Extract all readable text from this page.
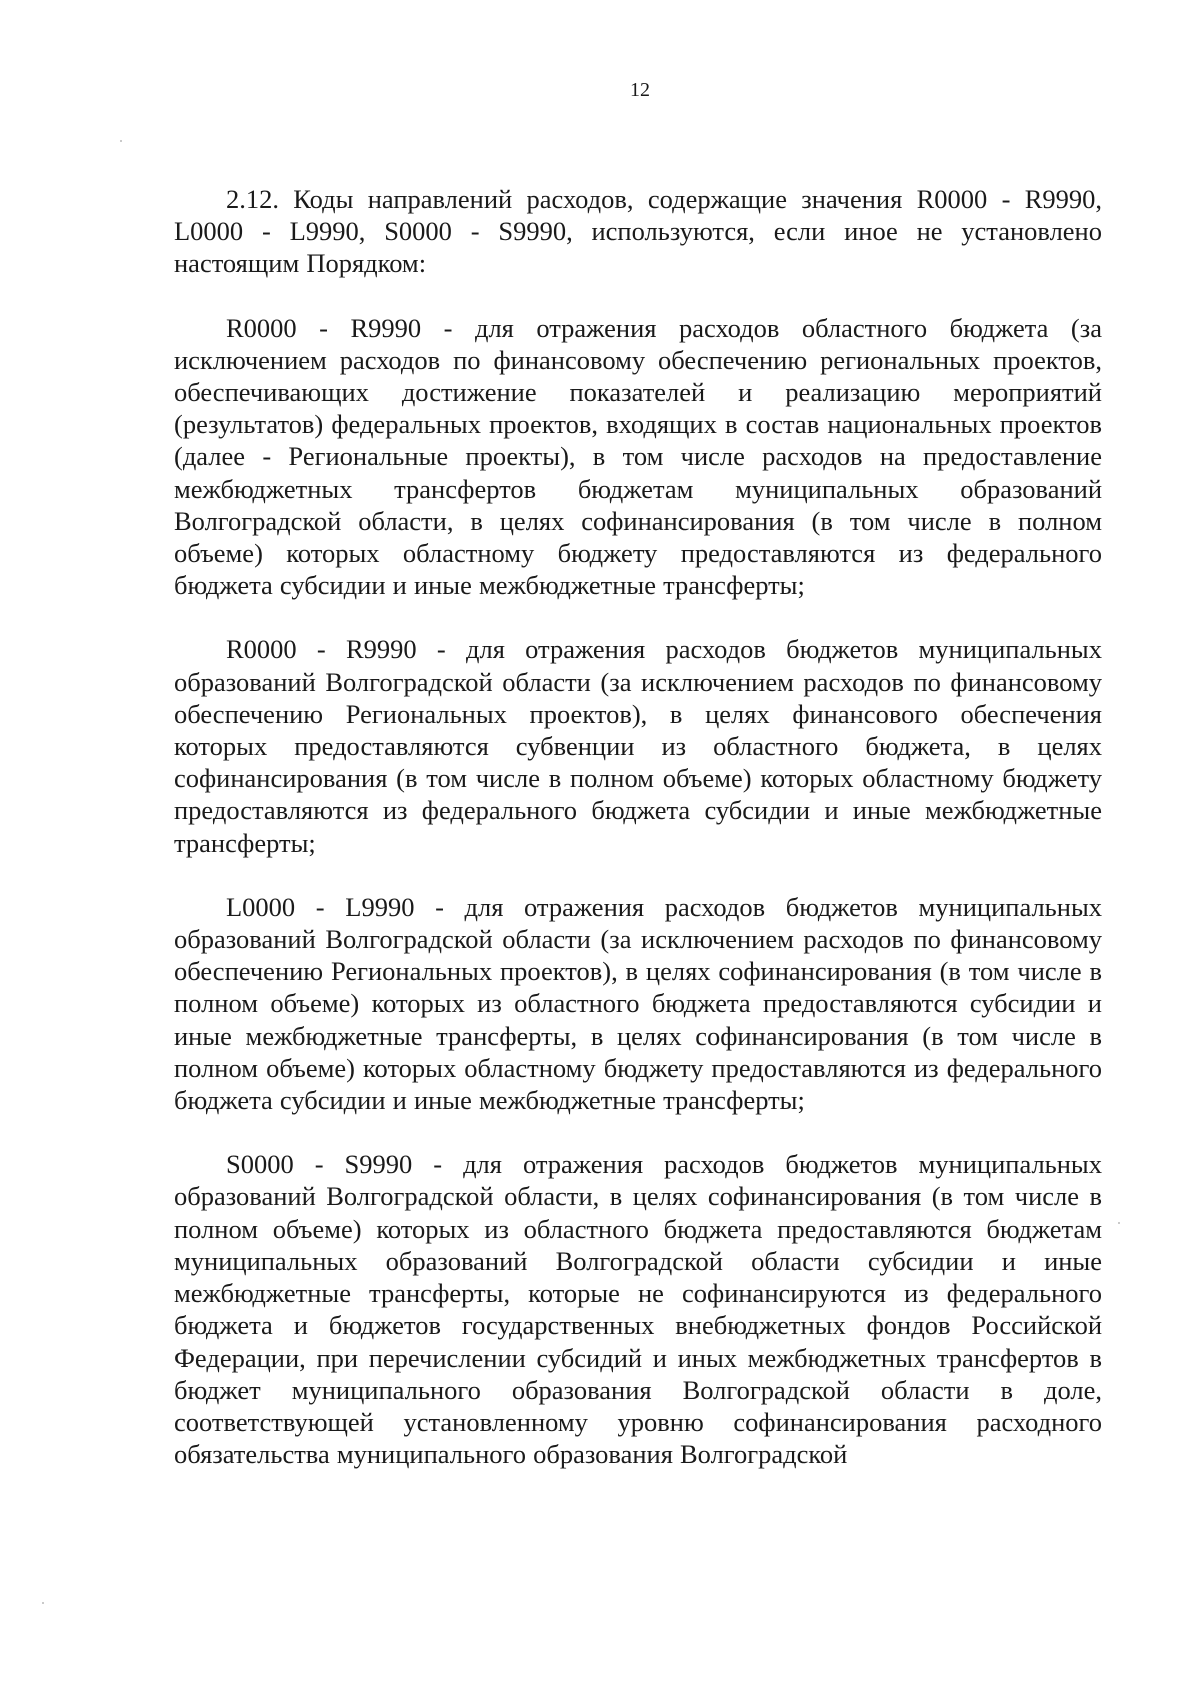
12

2.12. Коды направлений расходов, содержащие значения R0000 - R9990, L0000 - L9990, S0000 - S9990, используются, если иное не установлено настоящим Порядком:

R0000 - R9990 - для отражения расходов областного бюджета (за исключением расходов по финансовому обеспечению региональных проектов, обеспечивающих достижение показателей и реализацию мероприятий (результатов) федеральных проектов, входящих в состав национальных проектов (далее - Региональные проекты), в том числе расходов на предоставление межбюджетных трансфертов бюджетам муниципальных образований Волгоградской области, в целях софинансирования (в том числе в полном объеме) которых областному бюджету предоставляются из федерального бюджета субсидии и иные межбюджетные трансферты;

R0000 - R9990 - для отражения расходов бюджетов муниципальных образований Волгоградской области (за исключением расходов по финансовому обеспечению Региональных проектов), в целях финансового обеспечения которых предоставляются субвенции из областного бюджета, в целях софинансирования (в том числе в полном объеме) которых областному бюджету предоставляются из федерального бюджета субсидии и иные межбюджетные трансферты;

L0000 - L9990 - для отражения расходов бюджетов муниципальных образований Волгоградской области (за исключением расходов по финансовому обеспечению Региональных проектов), в целях софинансирования (в том числе в полном объеме) которых из областного бюджета предоставляются субсидии и иные межбюджетные трансферты, в целях софинансирования (в том числе в полном объеме) которых областному бюджету предоставляются из федерального бюджета субсидии и иные межбюджетные трансферты;

S0000 - S9990 - для отражения расходов бюджетов муниципальных образований Волгоградской области, в целях софинансирования (в том числе в полном объеме) которых из областного бюджета предоставляются бюджетам муниципальных образований Волгоградской области субсидии и иные межбюджетные трансферты, которые не софинансируются из федерального бюджета и бюджетов государственных внебюджетных фондов Российской Федерации, при перечислении субсидий и иных межбюджетных трансфертов в бюджет муниципального образования Волгоградской области в доле, соответствующей установленному уровню софинансирования расходного обязательства муниципального образования Волгоградской
